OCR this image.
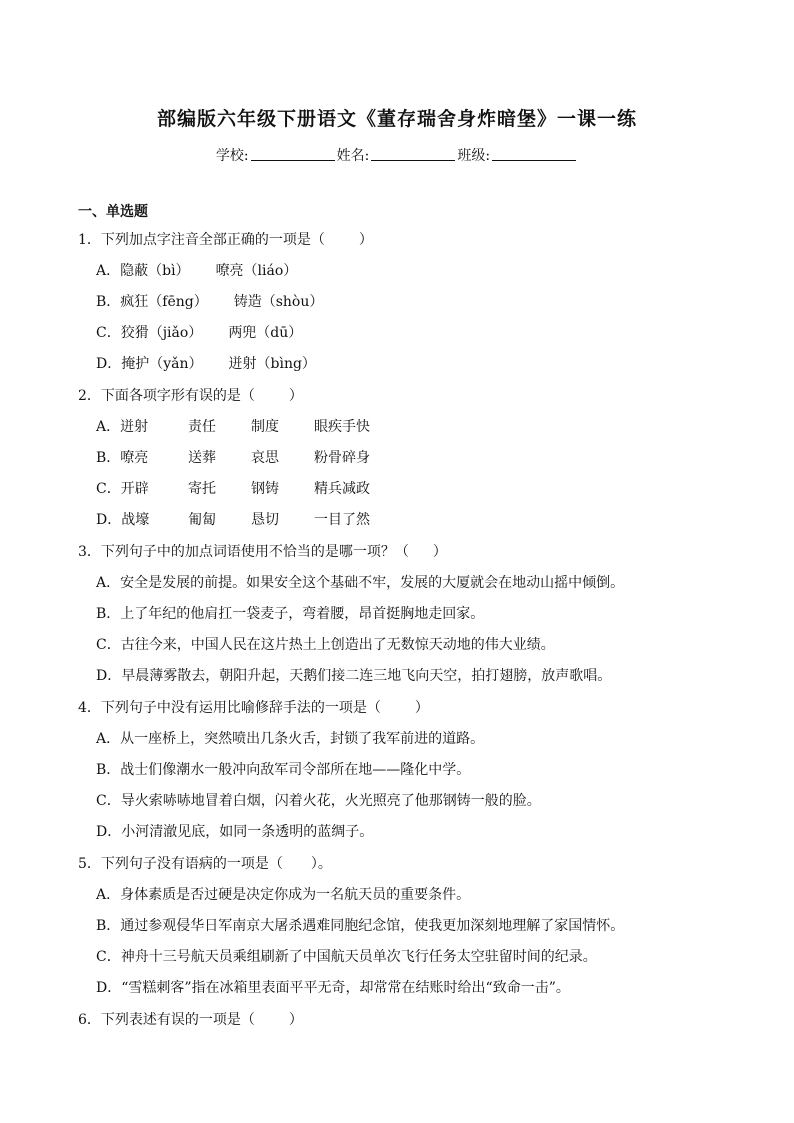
部编版六年级下册语文《董存瑞舍身炸暗堡》一课一练
学校:	姓名:	班级:
一、单选题
1．下列加点字注音全部正确的一项是（ ）
A．隐蔽（bì） 嘹亮（liáo）
B．疯狂（fēng） 铸造（shòu）
C．狡猾（jiǎo） 两兜（dū）
D．掩护（yǎn） 迸射（bìng）
2．下面各项字形有误的是（ ）
A．迸射	责任	制度	眼疾手快
B．嘹亮	送葬	哀思	粉骨碎身
C．开辟	寄托	钢铸	精兵减政
D．战壕	匍匐	恳切	一目了然
3．下列句子中的加点词语使用不恰当的是哪一项？（ ）
A．安全是发展的前提。如果安全这个基础不牢，发展的大厦就会在地动山摇中倾倒。
B．上了年纪的他肩扛一袋麦子，弯着腰，昂首挺胸地走回家。
C．古往今来，中国人民在这片热土上创造出了无数惊天动地的伟大业绩。
D．早晨薄雾散去，朝阳升起，天鹅们接二连三地飞向天空，拍打翅膀，放声歌唱。
4．下列句子中没有运用比喻修辞手法的一项是（ ）
A．从一座桥上，突然喷出几条火舌，封锁了我军前进的道路。
B．战士们像潮水一般冲向敌军司令部所在地——隆化中学。
C．导火索哧哧地冒着白烟，闪着火花，火光照亮了他那钢铸一般的脸。
D．小河清澈见底，如同一条透明的蓝绸子。
5．下列句子没有语病的一项是（ ）。
A．身体素质是否过硬是决定你成为一名航天员的重要条件。
B．通过参观侵华日军南京大屠杀遇难同胞纪念馆，使我更加深刻地理解了家国情怀。
C．神舟十三号航天员乘组刷新了中国航天员单次飞行任务太空驻留时间的纪录。
D．“雪糕刺客”指在冰箱里表面平平无奇，却常常在结账时给出“致命一击”。
6．下列表述有误的一项是（ ）
